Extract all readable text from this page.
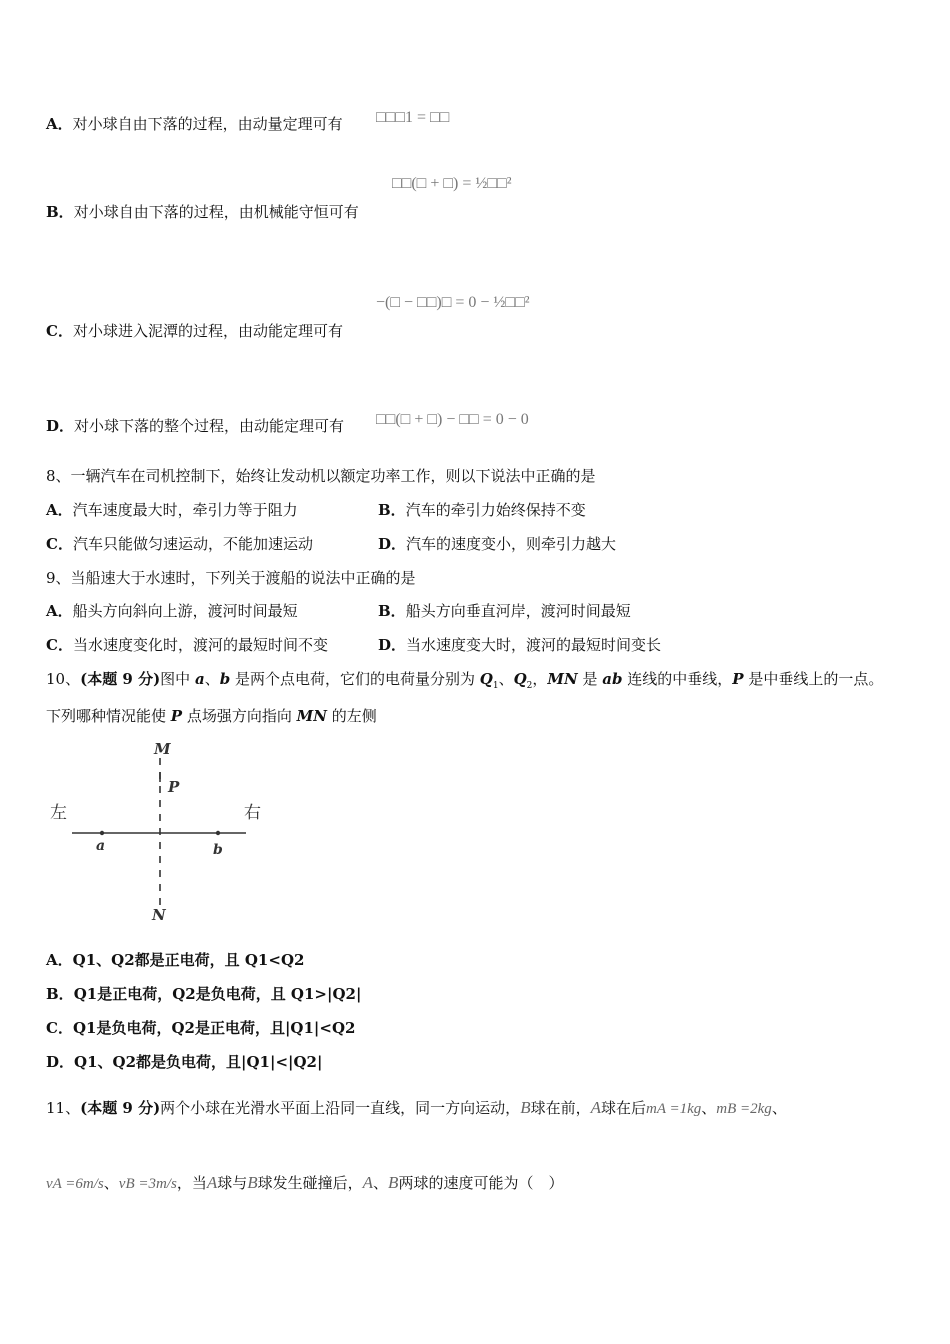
A．对小球自由下落的过程，由动量定理可有 □□□1 = □□
□□(□ + □) = ½□□²
B．对小球自由下落的过程，由机械能守恒可有
−(□ − □□)□ = 0 − ½□□²
C．对小球进入泥潭的过程，由动能定理可有
D．对小球下落的整个过程，由动能定理可有 □□(□ + □) − □□ = 0 − 0
8、一辆汽车在司机控制下，始终让发动机以额定功率工作，则以下说法中正确的是
A．汽车速度最大时，牵引力等于阻力	B．汽车的牵引力始终保持不变
C．汽车只能做匀速运动，不能加速运动	D．汽车的速度变小，则牵引力越大
9、当船速大于水速时，下列关于渡船的说法中正确的是
A．船头方向斜向上游，渡河时间最短	B．船头方向垂直河岸，渡河时间最短
C．当水速度变化时，渡河的最短时间不变	D．当水速度变大时，渡河的最短时间变长
10、(本题 9 分)图中 a、b 是两个点电荷，它们的电荷量分别为 $Q_1$、$Q_2$，MN 是 ab 连线的中垂线，P 是中垂线上的一点。
下列哪种情况能使 P 点场强方向指向 MN 的左侧
M
P
N
左	右
a	b
A．Q1、Q2都是正电荷，且 Q1<Q2
B．Q1是正电荷，Q2是负电荷，且 Q1>|Q2|
C．Q1是负电荷，Q2是正电荷，且|Q1|<Q2
D．Q1、Q2都是负电荷，且|Q1|<|Q2|
11、(本题 9 分)两个小球在光滑水平面上沿同一直线，同一方向运动，B球在前，A球在后mA =1kg、mB =2kg、
vA =6m/s、vB =3m/s，当A球与B球发生碰撞后，A、B两球的速度可能为（　）
